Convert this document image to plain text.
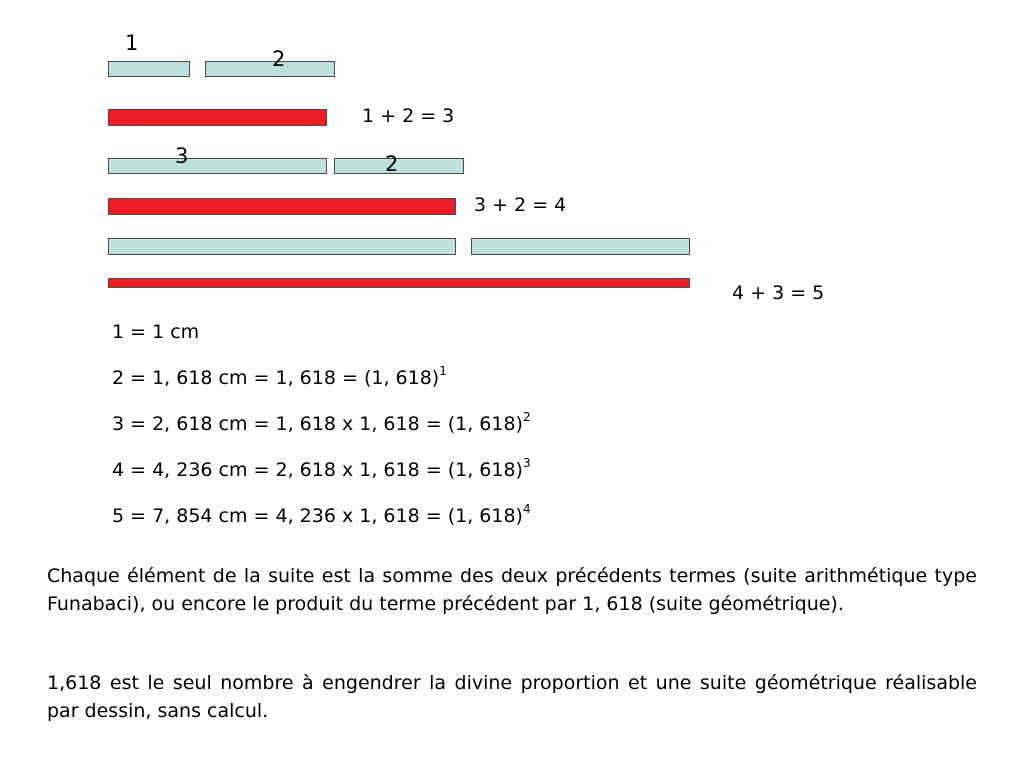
1
2
1 + 2 = 3
3	2
3 + 2 = 4
4 + 3 = 5
1 = 1 cm
2 = 1, 618 cm = 1, 618 = (1, 618)$^1$
3 = 2, 618 cm = 1, 618 x 1, 618 = (1, 618)$^2$
4 = 4, 236 cm = 2, 618 x 1, 618 = (1, 618)$^3$
5 = 7, 854 cm = 4, 236 x 1, 618 = (1, 618)$^4$

Chaque élément de la suite est la somme des deux précédents termes (suite arithmétique type Funabaci), ou encore le produit du terme précédent par 1, 618 (suite géométrique).

1,618 est le seul nombre à engendrer la divine proportion et une suite géométrique réalisable par dessin, sans calcul.
